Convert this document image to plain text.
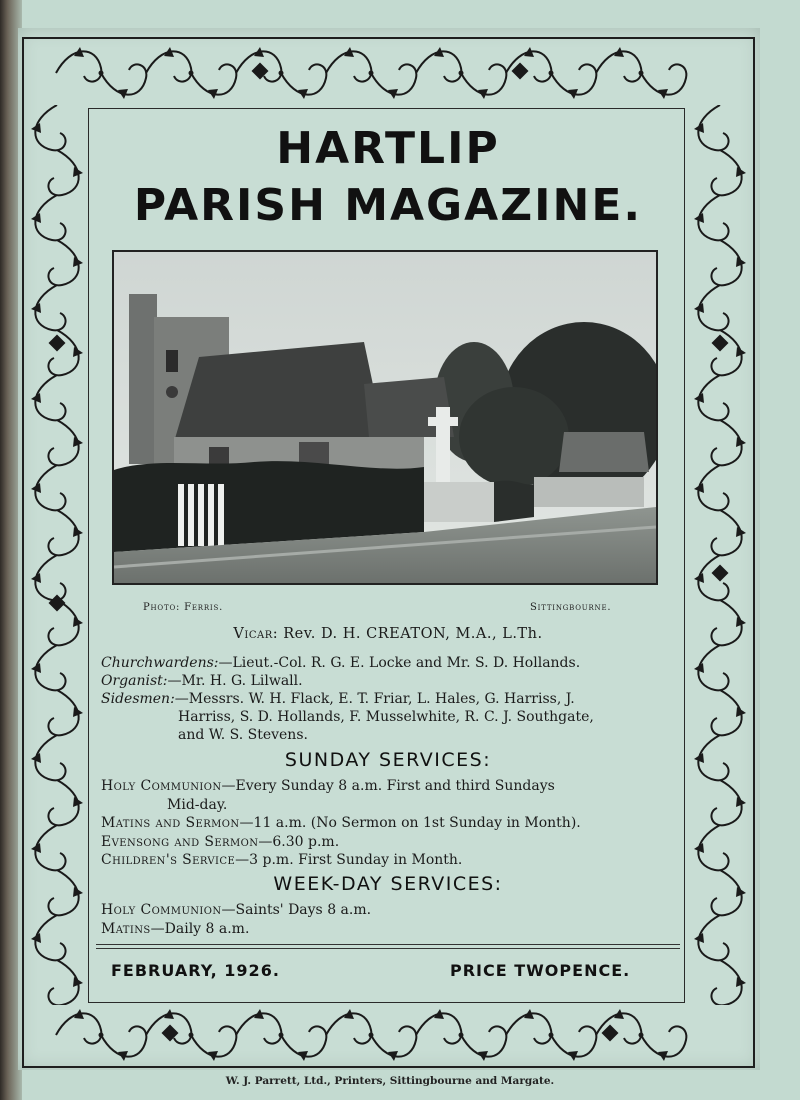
HARTLIP
PARISH MAGAZINE.
Photo: Ferris.	Sittingbourne.
Vicar: Rev. D. H. CREATON, M.A., L.Th.
Churchwardens:—Lieut.-Col. R. G. E. Locke and Mr. S. D. Hollands.
Organist:—Mr. H. G. Lilwall.
Sidesmen:—Messrs. W. H. Flack, E. T. Friar, L. Hales, G. Harriss, J.
Harriss, S. D. Hollands, F. Musselwhite, R. C. J. Southgate,
and W. S. Stevens.
SUNDAY SERVICES:
Holy Communion—Every Sunday 8 a.m. First and third Sundays
Mid-day.
Matins and Sermon—11 a.m. (No Sermon on 1st Sunday in Month).
Evensong and Sermon—6.30 p.m.
Children's Service—3 p.m. First Sunday in Month.
WEEK-DAY SERVICES:
Holy Communion—Saints' Days 8 a.m.
Matins—Daily 8 a.m.
FEBRUARY, 1926.	PRICE TWOPENCE.
W. J. Parrett, Ltd., Printers, Sittingbourne and Margate.
